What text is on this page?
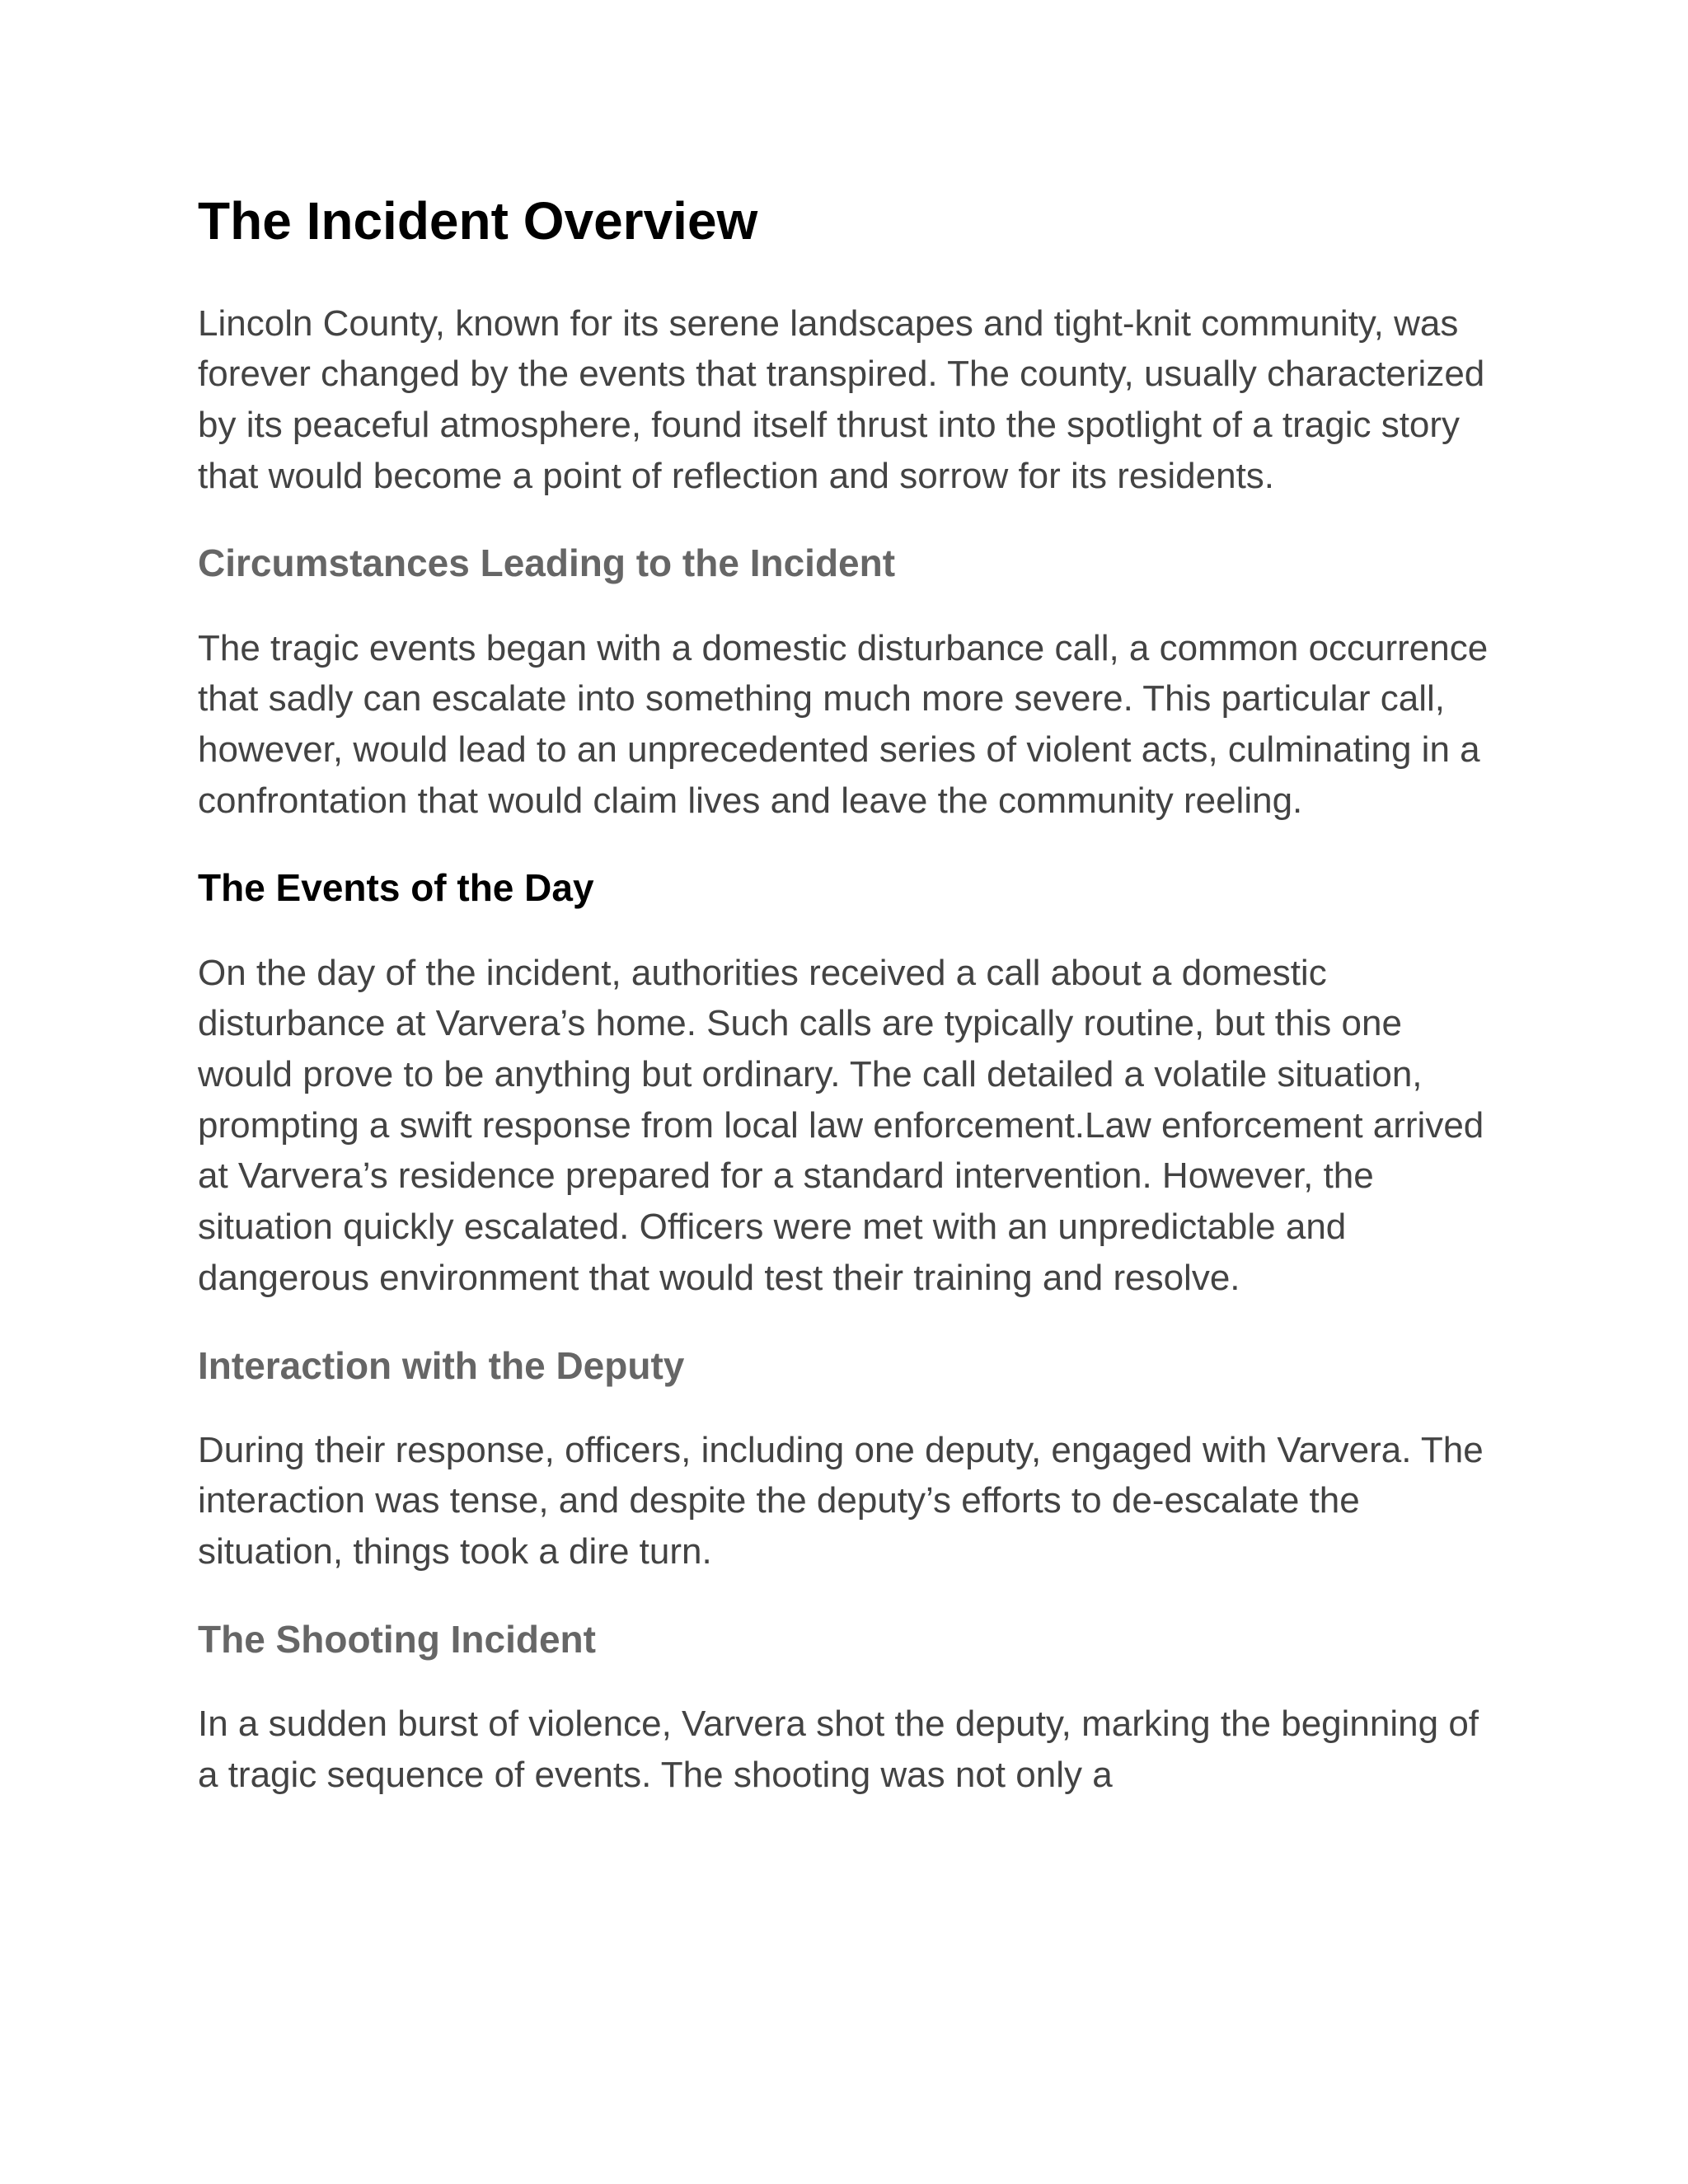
The Incident Overview

Lincoln County, known for its serene landscapes and tight-knit community, was forever changed by the events that transpired. The county, usually characterized by its peaceful atmosphere, found itself thrust into the spotlight of a tragic story that would become a point of reflection and sorrow for its residents.

Circumstances Leading to the Incident

The tragic events began with a domestic disturbance call, a common occurrence that sadly can escalate into something much more severe. This particular call, however, would lead to an unprecedented series of violent acts, culminating in a confrontation that would claim lives and leave the community reeling.

The Events of the Day

On the day of the incident, authorities received a call about a domestic disturbance at Varvera’s home. Such calls are typically routine, but this one would prove to be anything but ordinary. The call detailed a volatile situation, prompting a swift response from local law enforcement.Law enforcement arrived at Varvera’s residence prepared for a standard intervention. However, the situation quickly escalated. Officers were met with an unpredictable and dangerous environment that would test their training and resolve.

Interaction with the Deputy

During their response, officers, including one deputy, engaged with Varvera. The interaction was tense, and despite the deputy’s efforts to de-escalate the situation, things took a dire turn.

The Shooting Incident

In a sudden burst of violence, Varvera shot the deputy, marking the beginning of a tragic sequence of events. The shooting was not only a
